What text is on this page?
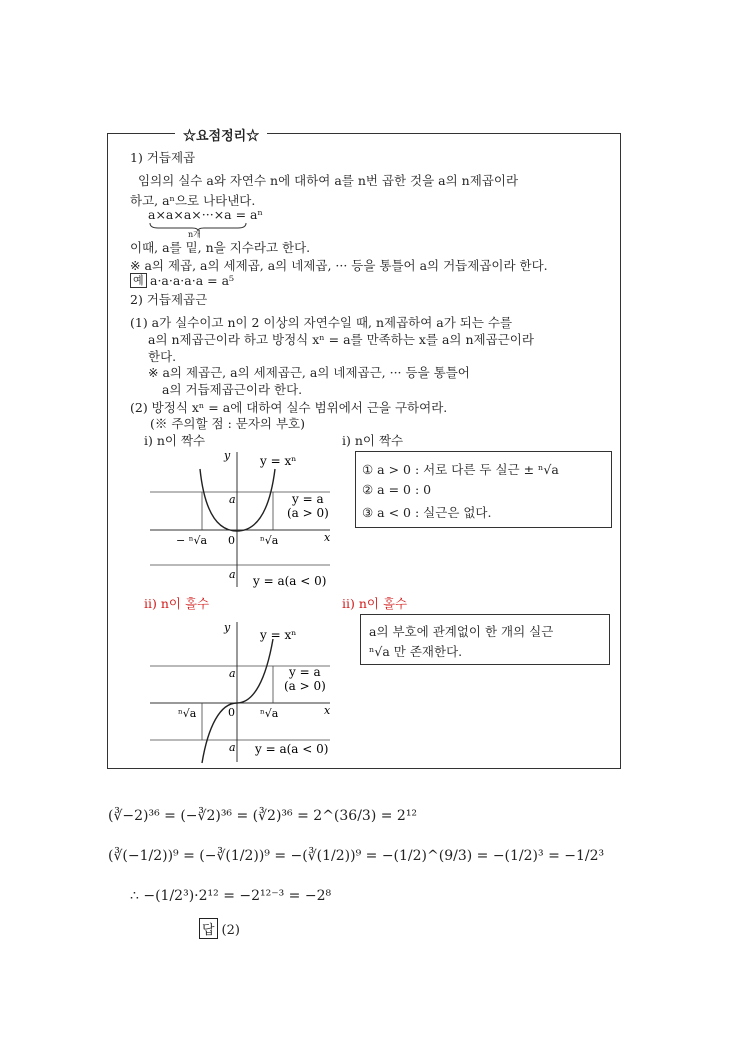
☆요점정리☆
1) 거듭제곱
임의의 실수 a와 자연수 n에 대하여 a를 n번 곱한 것을 a의 n제곱이라
하고, aⁿ으로 나타낸다.
a×a×a×···×a = aⁿ
n개
이때, a를 밑, n을 지수라고 한다.
※ a의 제곱, a의 세제곱, a의 네제곱, ··· 등을 통틀어 a의 거듭제곱이라 한다.
예 a·a·a·a·a = a⁵
2) 거듭제곱근
(1) a가 실수이고 n이 2 이상의 자연수일 때, n제곱하여 a가 되는 수를
a의 n제곱근이라 하고 방정식 xⁿ = a를 만족하는 x를 a의 n제곱근이라
한다.
※ a의 제곱근, a의 세제곱근, a의 네제곱근, ··· 등을 통틀어
a의 거듭제곱근이라 한다.
(2) 방정식 xⁿ = a에 대하여 실수 범위에서 근을 구하여라.
(※ 주의할 점 : 문자의 부호)
ⅰ) n이 짝수	ⅰ) n이 짝수
y y = xⁿ
a	y = a
(a > 0)
− ⁿ√a 0 ⁿ√a	x
a y = a(a < 0)
① a > 0 : 서로 다른 두 실근 ± ⁿ√a
② a = 0 : 0
③ a < 0 : 실근은 없다.
ⅱ) n이 홀수	ⅱ) n이 홀수
y
y = xⁿ
a	y = a
(a > 0)
ⁿ√a	0 ⁿ√a	x
a y = a(a < 0)
a의 부호에 관계없이 한 개의 실근
ⁿ√a 만 존재한다.
(∛−2)³⁶ = (−∛2)³⁶ = (∛2)³⁶ = 2^(36/3) = 2¹²
(∛(−1/2))⁹ = (−∛(1/2))⁹ = −(∛(1/2))⁹ = −(1/2)^(9/3) = −(1/2)³ = −1/2³
∴ −(1/2³)·2¹² = −2¹²⁻³ = −2⁸
답 (2)
